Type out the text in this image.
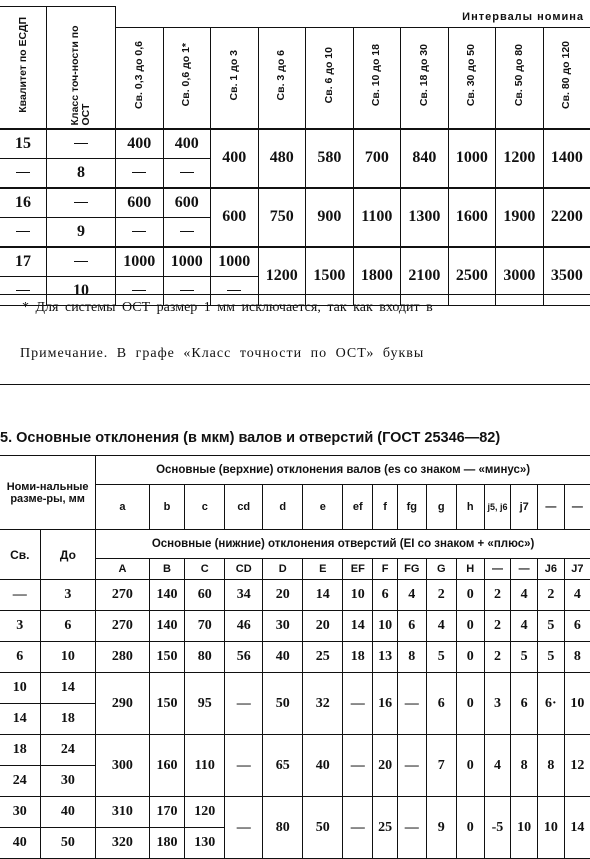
Квалитет по ЕСДП	Класс точ-ности по ОСТ	Интервалы номина									
		Св. 0,3 до 0,6	Св. 0,6 до 1*	Св. 1 до 3	Св. 3 до 6	Св. 6 до 10	Св. 10 до 18	Св. 18 до 30	Св. 30 до 50	Св. 50 до 80	Св. 80 до 120
15		400	400	400	480	580	700	840	1000	1200	1400
	8										
16		600	600	600	750	900	1100	1300	1600	1900	2200
	9										
17		1000	1000	1000	1200	1500	1800	2100	2500	3000	3500
	10										
* Для системы ОСТ размер 1 мм исключается, так как входит в
Примечание. В графе «Класс точности по ОСТ» буквы
5. Основные отклонения (в мкм) валов и отверстий (ГОСТ 25346—82)
Номи-нальные разме-ры, мм		Основные (верхние) отклонения валов (es со знаком — «минус»)														
		a	b	c	cd	d	e	ef	f	fg	g	h	j5, j6	j7	—	—
Св.	До	Основные (нижние) отклонения отверстий (EI со знаком + «плюс»)														
		A	B	C	CD	D	E	EF	F	FG	G	H	—	—	J6	J7
—	3	270	140	60	34	20	14	10	6	4	2	0	2	4	2	4
3	6	270	140	70	46	30	20	14	10	6	4	0	2	4	5	6
6	10	280	150	80	56	40	25	18	13	8	5	0	2	5	5	8
10	14	290	150	95	—	50	32	—	16	—	6	0	3	6	6·	10
14	18															
18	24	300	160	110	—	65	40	—	20	—	7	0	4	8	8	12
24	30															
30	40	310	170	120	—	80	50	—	25	—	9	0	-5	10	10	14
40	50	320	180	130												
